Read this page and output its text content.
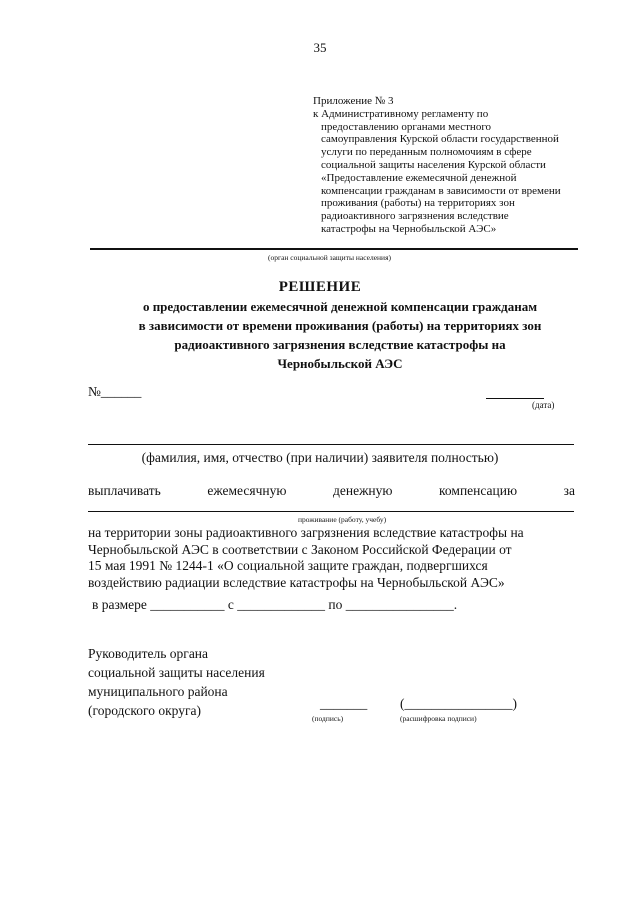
35
Приложение № 3
к Административному регламенту по
предоставлению органами местного
самоуправления Курской области государственной
услуги по переданным полномочиям в сфере
социальной защиты населения Курской области
«Предоставление ежемесячной денежной
компенсации гражданам в зависимости от времени
проживания (работы) на территориях зон
радиоактивного загрязнения вследствие
катастрофы на Чернобыльской АЭС»
(орган социальной защиты населения)
РЕШЕНИЕ
о предоставлении ежемесячной денежной компенсации гражданам
в зависимости от времени проживания (работы) на территориях зон
радиоактивного загрязнения вследствие катастрофы на
Чернобыльской АЭС
№______
(дата)
(фамилия, имя, отчество (при наличии) заявителя полностью)
выплачивать	ежемесячную	денежную	компенсацию	за
проживание (работу, учебу)
на территории зоны радиоактивного загрязнения вследствие катастрофы на
Чернобыльской АЭС в соответствии с Законом Российской Федерации от
15 мая 1991 № 1244-1 «О социальной защите граждан, подвергшихся
воздействию радиации вследствие катастрофы на Чернобыльской АЭС»
в размере ___________ с _____________ по ________________.
Руководитель органа
социальной защиты населения
муниципального района
(городского округа)	_______ (________________)
(подпись)	(расшифровка подписи)
